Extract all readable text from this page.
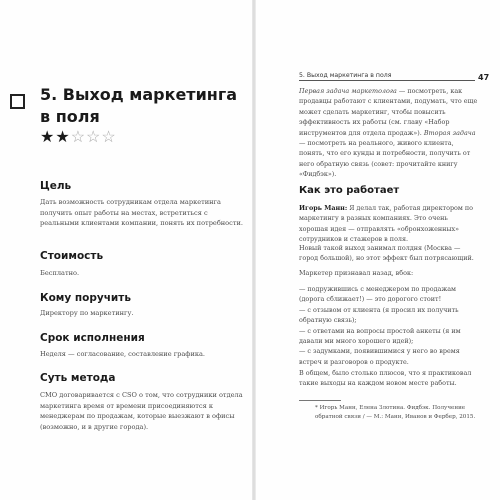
5. Выход маркетинга в поля
★★☆☆☆
Цель
Дать возможность сотрудникам отдела маркетинга получить опыт работы на местах, встретиться с реальными клиентами компании, понять их потребности.
Стоимость
Бесплатно.
Кому поручить
Директору по маркетингу.
Срок исполнения
Неделя — согласование, составление графика.
Суть метода
CMO договаривается с CSO о том, что сотрудники отдела маркетинга время от времени присоединяются к менеджерам по продажам, которые выезжают в офисы (возможно, и в другие города).
5. Выход маркетинга в поля	47
Первая задача маркетолога — посмотреть, как продавцы работают с клиентами, подумать, что еще может сделать маркетинг, чтобы повысить эффективность их работы (см. главу «Набор инструментов для отдела продаж»). Вторая задача — посмотреть на реального, живого клиента, понять, что его кунды и потребности, получить от него обратную связь (совет: прочитайте книгу «Фидбэк»).
Как это работает
Игорь Манн: Я делал так, работая директором по маркетингу в разных компаниях. Это очень хорошая идея — отправлять «обронхоженных» сотрудников и стажеров в поля.
Новый такой выход занимал полдня (Москва — город большой), но этот эффект был потрясающий.
Маркетер признавал назад, вбок:
— подружившись с менеджером по продажам (дорога сближает!) — это дорогого стоит!
— с отзывом от клиента (я просил их получить обратную связь);
— с ответами на вопросы простой анкеты (я им давали ми много хорошего идей);
— с задумками, появившимися у него во время встреч и разговоров о продукте.
В общем, было столько плюсов, что я практиковал такие выходы на каждом новом месте работы.
* Игорь Манн, Елена Злотина. Фидбэк. Получение обратной связи / — М.: Манн, Иванов и Фербер, 2015.
